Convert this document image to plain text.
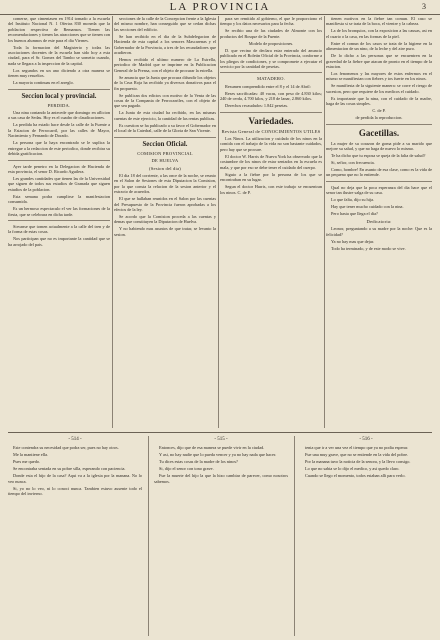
LA PROVINCIA	3

comerse, que cimentasen en 1914 tomado a la escuela del Instituto Nacional N. 1 Ofertas 830 moneda que la poblacion respectiva de Remansos. Tienen las recomendaciones y tienen las atracciones que se tienen con los buenos alumnos de este para el dia Viernes.

Toda la formacion del Magisterio y todas las asociaciones docentes de la escuela han sido hoy a esta ciudad, para el Sr. Gomez del Tambo se sometio cuando, nada se llegara a la inspeccion de la capital.

Los segundos en un ano diciendo a otra manera se tienen muy resueltos.

La mayoria continuas en el arreglo.

Seccion local y provincial.

PERDIDA.

Una nina contando la antecede que domingo en aflicion a sus casa de Sedas. Hoy es el cuadro de claudicaciones.

La perdida ha estado hace desde la calle de la Fuente a la Estacion de Ferrocarril, por las calles de Mayor, Nacimiento y Fernando de Dorado.

La persona que la haya encontrado se le suplica la entregue a la redaccion de este periodico, donde recibira su debida gratificacion.

Ayer tarde penetro en la Delegacion de Hacienda de esta provincia, el senor D. Ricardo Aguilera.

Les grandes cantidades que tienen las de la Universidad que siguen de todos sus estudios de Granada que siguen estudios de la poblacion.

Esta semana podra cumplirse la manifestacion consumida.

Es un hermoso espectaculo el ver las formaciones de la fiesta, que se celebrara en dicha tarde.

Sirvanse que tomen actualmente a la calle del tren y de la forma de estas cosas.

Nos participan que no es importante la cantidad que se ha arrojado del pais.

secciones de la calle de la Concepcion frente a la Iglesia del mismo nombre, han conseguido que se cedan dichas las secciones del edificio.

Se han recibido en el dia de la Subdelegacion de Hacienda de esta capital a los senores Mascarenas y el Gobernador de la Provincia, a tres de los recaudadores que acudieron.

Hemos recibido el ultimo numero de La Estrella, periodico de Madrid que se imprime en la Publicacion General de la Prensa, con el objeto de procurar la estrella.

Se anuncia que la Junta que procura difundir los objetos de la Cruz Roja ha recibido ya diversos donativos para el fin propuesto.

Se publican dos edictos con motivo de la Venta de las cosas de la Compania de Ferrocarriles, con el objeto de que sea pagado.

La Junta de esta ciudad ha recibido, en las mismas cuentas de este ejercicio, la cantidad de las rentas publicas.

Es cuestion se ha publicado a su favor el Gobernador en el local de la Catedral, calle de la Gloria de San Vicente.

Seccion Oficial.

COMISION PROVINCIAL

DE HUELVA

(Sesion del dia)

El dia 18 del corriente, a las once de la noche, se reunio en el Salon de Sesiones de esta Diputacion la Comision, por la que consta la relacion de la sesion anterior y el extracto de acuerdos.

El que se hallaban reunidos en el Salon por las cuentas del Presupuesto de la Provincia fueron aprobadas a los efectos de la ley.

Se acordo que la Comision proceda a las cuentas y demas que constituyen la Diputacion de Huelva.

Y no habiendo mas asuntos de que tratar, se levanto la sesion.

para ser remitido al gobierno, el que le proporciono el tiempo y los datos necesarios para la fecha.

Se recibio una de las ciudades de Almonte con los productos del Bosque de la Fuente.

Modelo de proposiciones.

D. que vecino de declara estar enterado del anuncio publicado en el Boletin Oficial de la Provincia, conforme a los pliegos de condiciones, y se compromete a ejecutar el servicio por la cantidad de pesetas.

MATADERO.

Resumen comprendido entre el 8 y el 14 de Abril:

Reses sacrificadas: 40 vacas, con peso de 4.830 kilos; 240 de cerda, 4.700 kilos, y 218 de lanar, 2.860 kilos.

Derechos recaudados: 1.842 pesetas.

Variedades.

Revista General de CONOCIMIENTOS UTILES

Los Ninos. La utilizacion y cuidado de los ninos en la comida con el trabajo de la vida no son bastante cuidados, pero hay que se procure.

El doctor W. Harris de Nueva York ha observado que la costumbre de los ninos de estar sentados en la escuela es mala, y que por eso se debe tener el cuidado del cuerpo.

Siguio a la fiebre por la persona de los que se encontraban en su lugar.

Segun el doctor Harris, con este trabajo se encuentran los ninos. C. de P.

tienen motivos en la fiebre tan comun. El caso se manifiesta si se trata de la boca, el vientre y la cabeza.

La de los bronquios, con la exposicion a las causas, asi en el cuarto o la casa, en las formas de la piel.

Entre el comun de los casos se trata de la higiene en la alimentacion de un nino, de la leche y del aire puro.

De lo dicho a las personas que se encuentren en la gravedad de la fiebre que atacan de pronto en el tiempo de la estacion.

Los fenomenos y las mayores de estos enfermos en el mismo se manifiestan con fiebres y tos fuerte en los ninos.

Se manifiesta de la siguiente manera: se corre el riesgo de sucesion, pero que requiere de los medicos el cuidado.

Es importante que la nina, con el cuidado de la madre, haga de las cosas simples.

C. de P.

de perdida la reproduccion.

Gacetillas.

La mujer de su corazon de goma pide a su marido que mejore su salud, y que no haga de nuevo lo mismo.

Te ha dicho que tu esposa se queja de la falta de salud?

Si, sefior, con frecuencia.

Como, hombre! En asunto de esa clase, como es la vida de un pequeno que no lo entiende.

Qual no deja que la poca esperanza del dia hace que el senor tan ilustre salga de su casa.

Lo que falta, dijo su hija.

Hay que tener mucho cuidado con la nina.

Pero hasta que llega el dia?

Dedicatoria:

Leonor, preguntando a su madre por la noche: Que es la felicidad?

Ya no hay mas que dejar.

Todo ha terminado, y de este modo se vive.

- 514 -

Este contendra su necesidad que podra ser, pues no hay otros.

Me la mantiene ella.

Pues me quedo.

Se encontraba sentada en su pobre silla, esperando con paciencia.

Donde esta el hijo de la casa? Aqui va a la iglesia por la manana. No lo veo nunca.

Si, yo no lo veo, ni lo conoci nunca. Tambien estuvo ausente todo el tiempo del invierno.

- 515 -

Entonces, dijo que de esa manera se puede vivir en la ciudad.

Y asi, no hay nadie que lo pueda vencer y ya no hay nada que hacer.

Tu dices estas cosas de la madre de los ninos?

Si, dijo el senor con tono grave.

Fue la muerte del hijo la que la hizo cambiar de parecer, como nosotros sabemos.

- 516 -

tenia que ir a ver una vez el tiempo que ya no podia esperar.

Fue una muy grave, que no se entiende en la vida del pobre.

Por la manana tuvo la noticia de la senora, y la llevo consigo.

Lo que no sabia se lo dijo el medico, y asi quedo claro.

Cuando se llego el momento, todos estaban alli para verlo.
